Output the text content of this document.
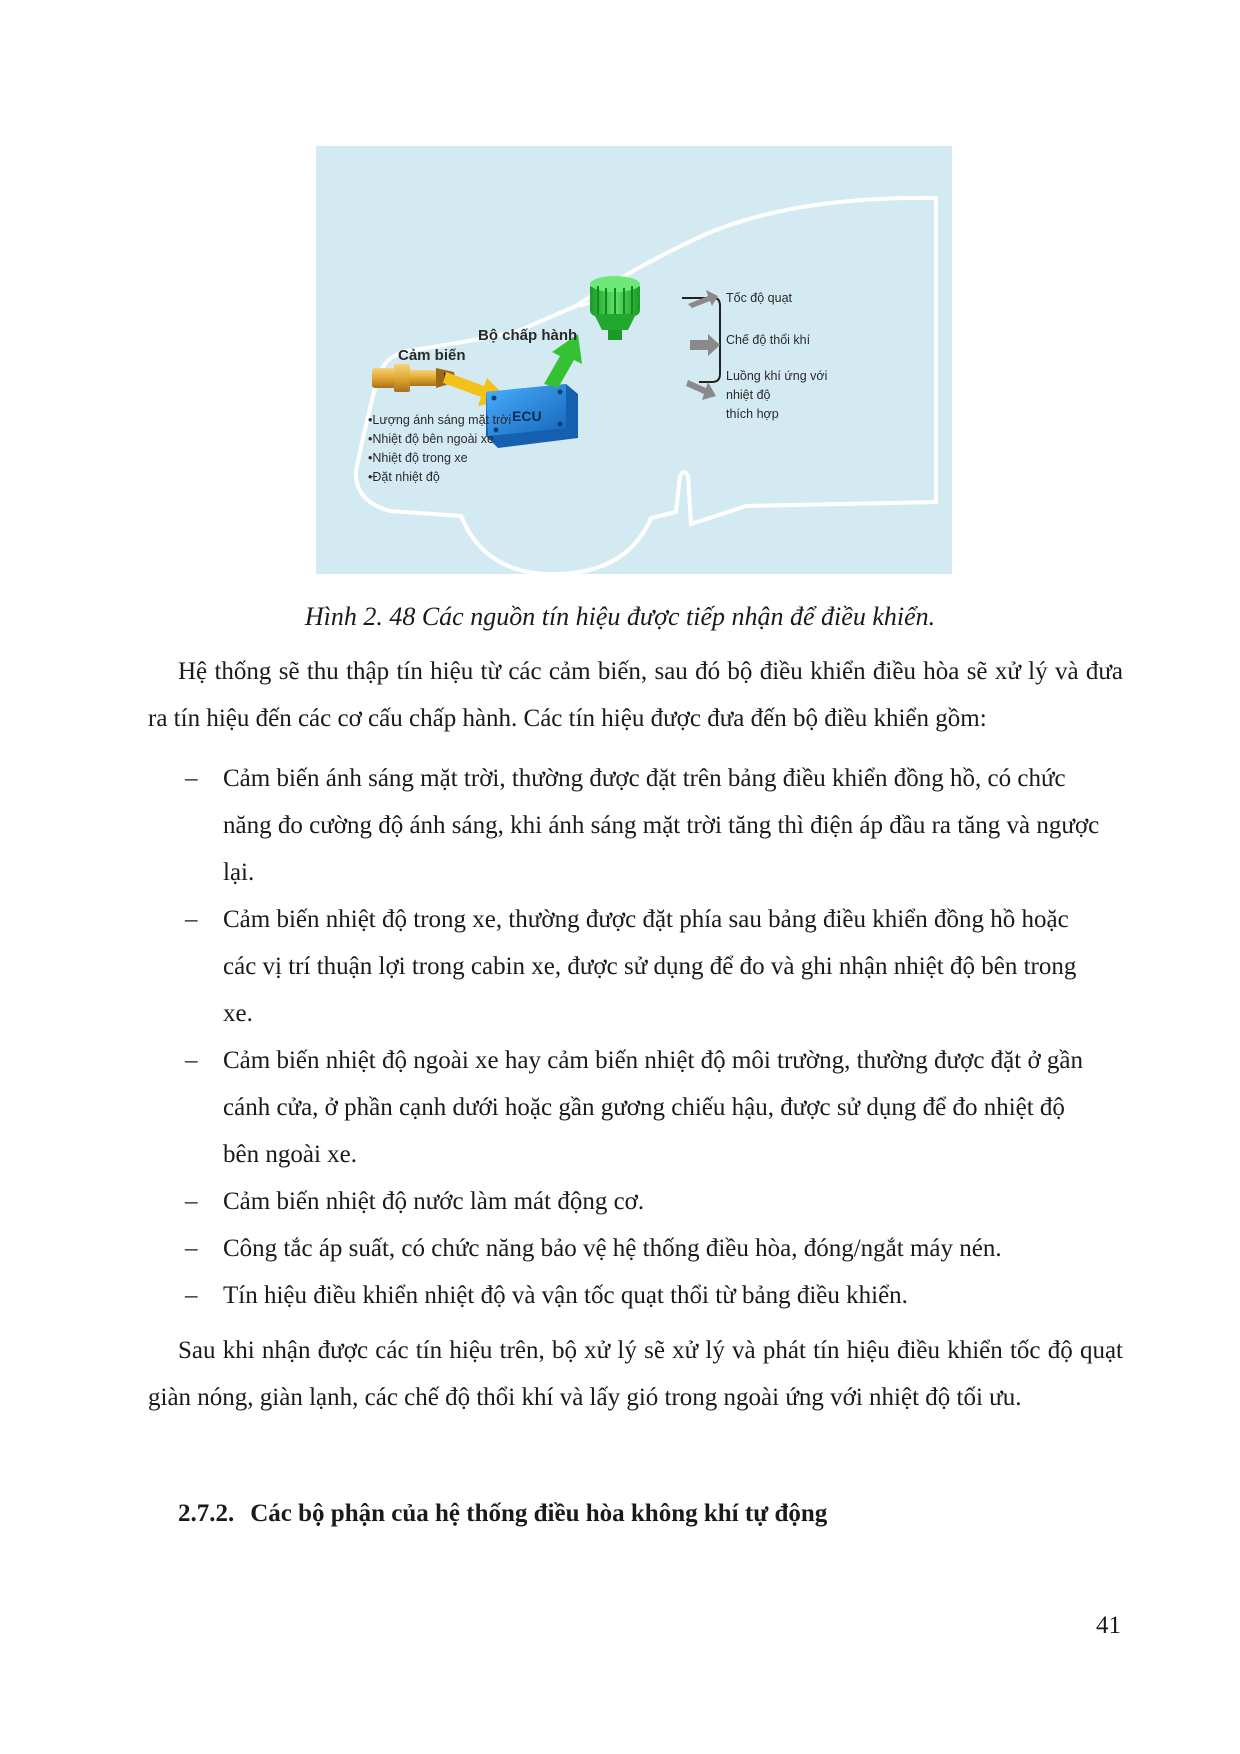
Cảm biến
Bộ chấp hành
ECU
•Lượng ánh sáng mặt trời
•Nhiệt độ bên ngoài xe
•Nhiệt độ trong xe
•Đặt nhiệt độ
Tốc độ quạt
Chế độ thổi khí
Luồng khí ứng với
nhiệt độ
thích hợp
Hình 2. 48 Các nguồn tín hiệu được tiếp nhận để điều khiển.

Hệ thống sẽ thu thập tín hiệu từ các cảm biến, sau đó bộ điều khiển điều hòa sẽ xử lý và đưa ra tín hiệu đến các cơ cấu chấp hành. Các tín hiệu được đưa đến bộ điều khiển gồm:

– Cảm biến ánh sáng mặt trời, thường được đặt trên bảng điều khiển đồng hồ, có chức năng đo cường độ ánh sáng, khi ánh sáng mặt trời tăng thì điện áp đầu ra tăng và ngược lại.
– Cảm biến nhiệt độ trong xe, thường được đặt phía sau bảng điều khiển đồng hồ hoặc các vị trí thuận lợi trong cabin xe, được sử dụng để đo và ghi nhận nhiệt độ bên trong xe.
– Cảm biến nhiệt độ ngoài xe hay cảm biến nhiệt độ môi trường, thường được đặt ở gần cánh cửa, ở phần cạnh dưới hoặc gần gương chiếu hậu, được sử dụng để đo nhiệt độ bên ngoài xe.
– Cảm biến nhiệt độ nước làm mát động cơ.
– Công tắc áp suất, có chức năng bảo vệ hệ thống điều hòa, đóng/ngắt máy nén.
– Tín hiệu điều khiển nhiệt độ và vận tốc quạt thổi từ bảng điều khiển.

Sau khi nhận được các tín hiệu trên, bộ xử lý sẽ xử lý và phát tín hiệu điều khiển tốc độ quạt giàn nóng, giàn lạnh, các chế độ thổi khí và lấy gió trong ngoài ứng với nhiệt độ tối ưu.

2.7.2. Các bộ phận của hệ thống điều hòa không khí tự động
41
